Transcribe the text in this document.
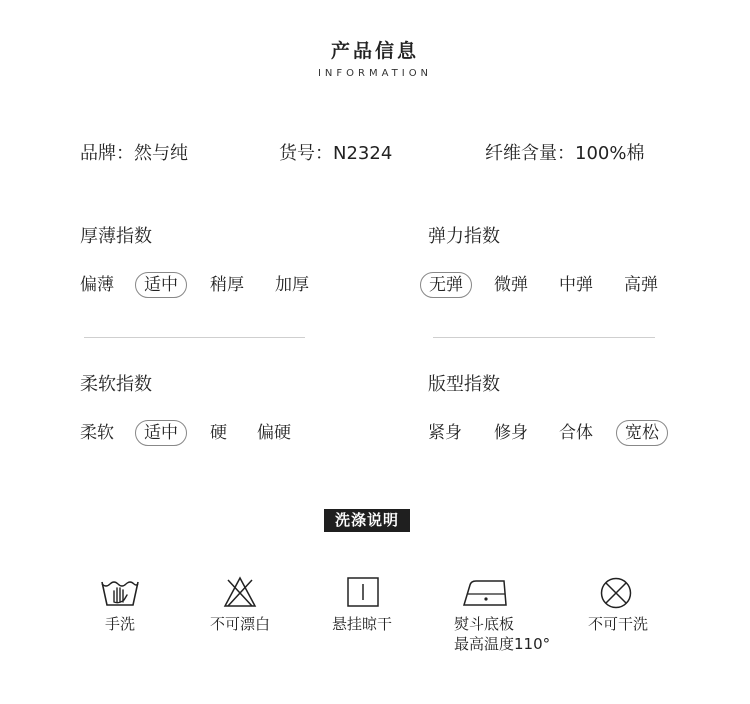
产品信息
INFORMATION
品牌：然与纯	货号：N2324	纤维含量：100%棉
厚薄指数
偏薄	适中	稍厚 加厚
弹力指数
无弹	微弹 中弹 高弹
柔软指数
柔软	适中	硬 偏硬
版型指数
紧身 修身 合体	宽松
洗涤说明
手洗	不可漂白	悬挂晾干	熨斗底板
最高温度110°
不可干洗
